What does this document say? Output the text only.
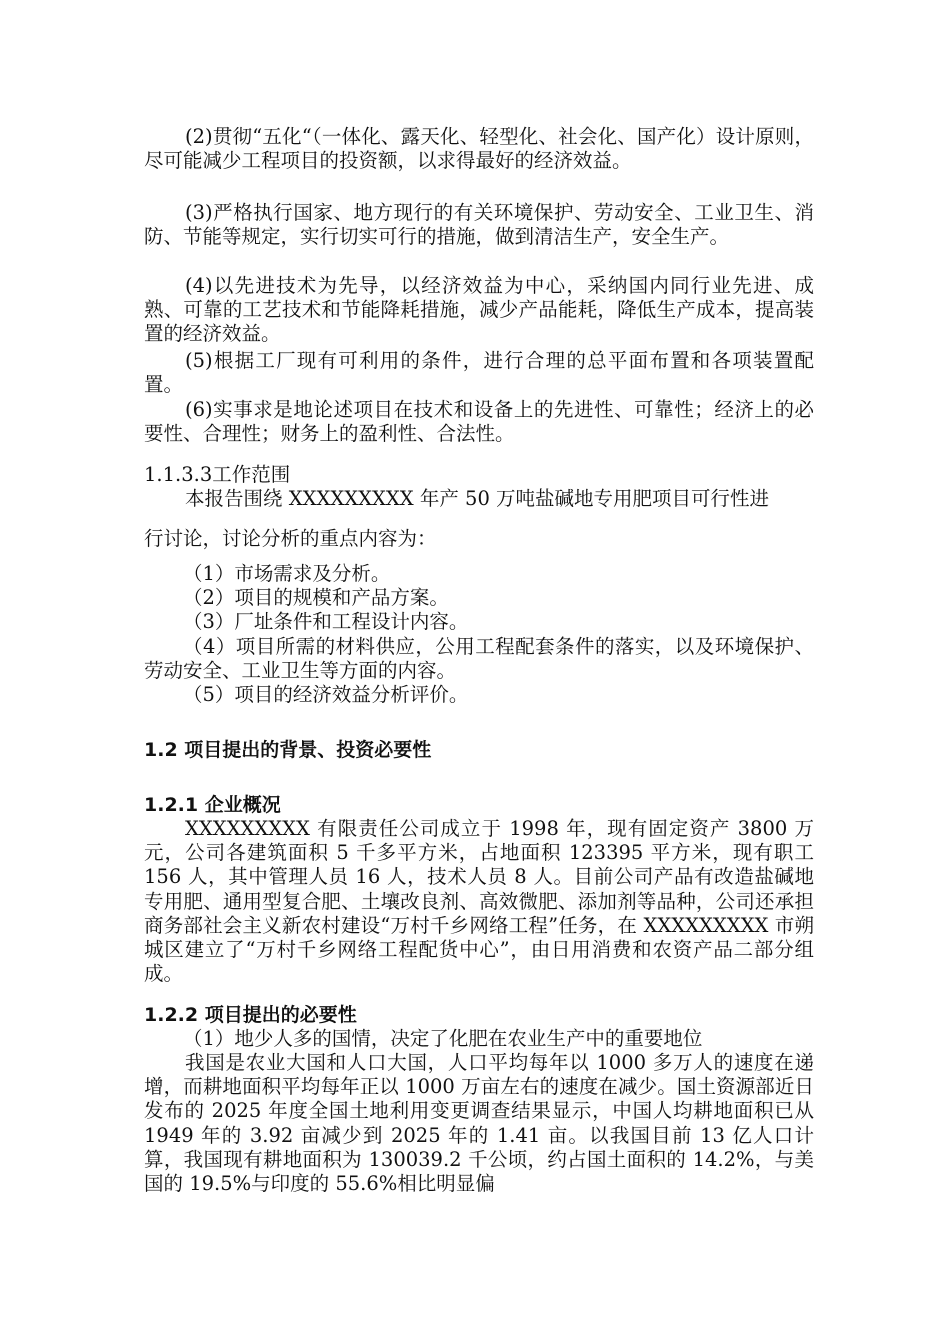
(2)贯彻“五化“（一体化、露天化、轻型化、社会化、国产化）设计原则，尽可能减少工程项目的投资额，以求得最好的经济效益。

(3)严格执行国家、地方现行的有关环境保护、劳动安全、工业卫生、消防、节能等规定，实行切实可行的措施，做到清洁生产，安全生产。

(4)以先进技术为先导，以经济效益为中心，采纳国内同行业先进、成熟、可靠的工艺技术和节能降耗措施，减少产品能耗，降低生产成本，提高装置的经济效益。

(5)根据工厂现有可利用的条件，进行合理的总平面布置和各项装置配置。

(6)实事求是地论述项目在技术和设备上的先进性、可靠性；经济上的必要性、合理性；财务上的盈利性、合法性。

1.1.3.3工作范围

本报告围绕 XXXXXXXXX 年产 50 万吨盐碱地专用肥项目可行性进

行讨论，讨论分析的重点内容为：

（1）市场需求及分析。

（2）项目的规模和产品方案。

（3）厂址条件和工程设计内容。

（4）项目所需的材料供应，公用工程配套条件的落实，以及环境保护、劳动安全、工业卫生等方面的内容。

（5）项目的经济效益分析评价。

1.2 项目提出的背景、投资必要性

1.2.1 企业概况

XXXXXXXXX 有限责任公司成立于 1998 年，现有固定资产 3800 万元，公司各建筑面积 5 千多平方米，占地面积 123395 平方米，现有职工 156 人，其中管理人员 16 人，技术人员 8 人。目前公司产品有改造盐碱地专用肥、通用型复合肥、土壤改良剂、高效微肥、添加剂等品种，公司还承担商务部社会主义新农村建设“万村千乡网络工程”任务，在 XXXXXXXXX 市朔城区建立了“万村千乡网络工程配货中心”，由日用消费和农资产品二部分组成。

1.2.2 项目提出的必要性

（1）地少人多的国情，决定了化肥在农业生产中的重要地位

我国是农业大国和人口大国，人口平均每年以 1000 多万人的速度在递增，而耕地面积平均每年正以 1000 万亩左右的速度在减少。国土资源部近日发布的 2025 年度全国土地利用变更调查结果显示，中国人均耕地面积已从 1949 年的 3.92 亩减少到 2025 年的 1.41 亩。以我国目前 13 亿人口计算，我国现有耕地面积为 130039.2 千公顷，约占国土面积的 14.2%，与美国的 19.5%与印度的 55.6%相比明显偏
